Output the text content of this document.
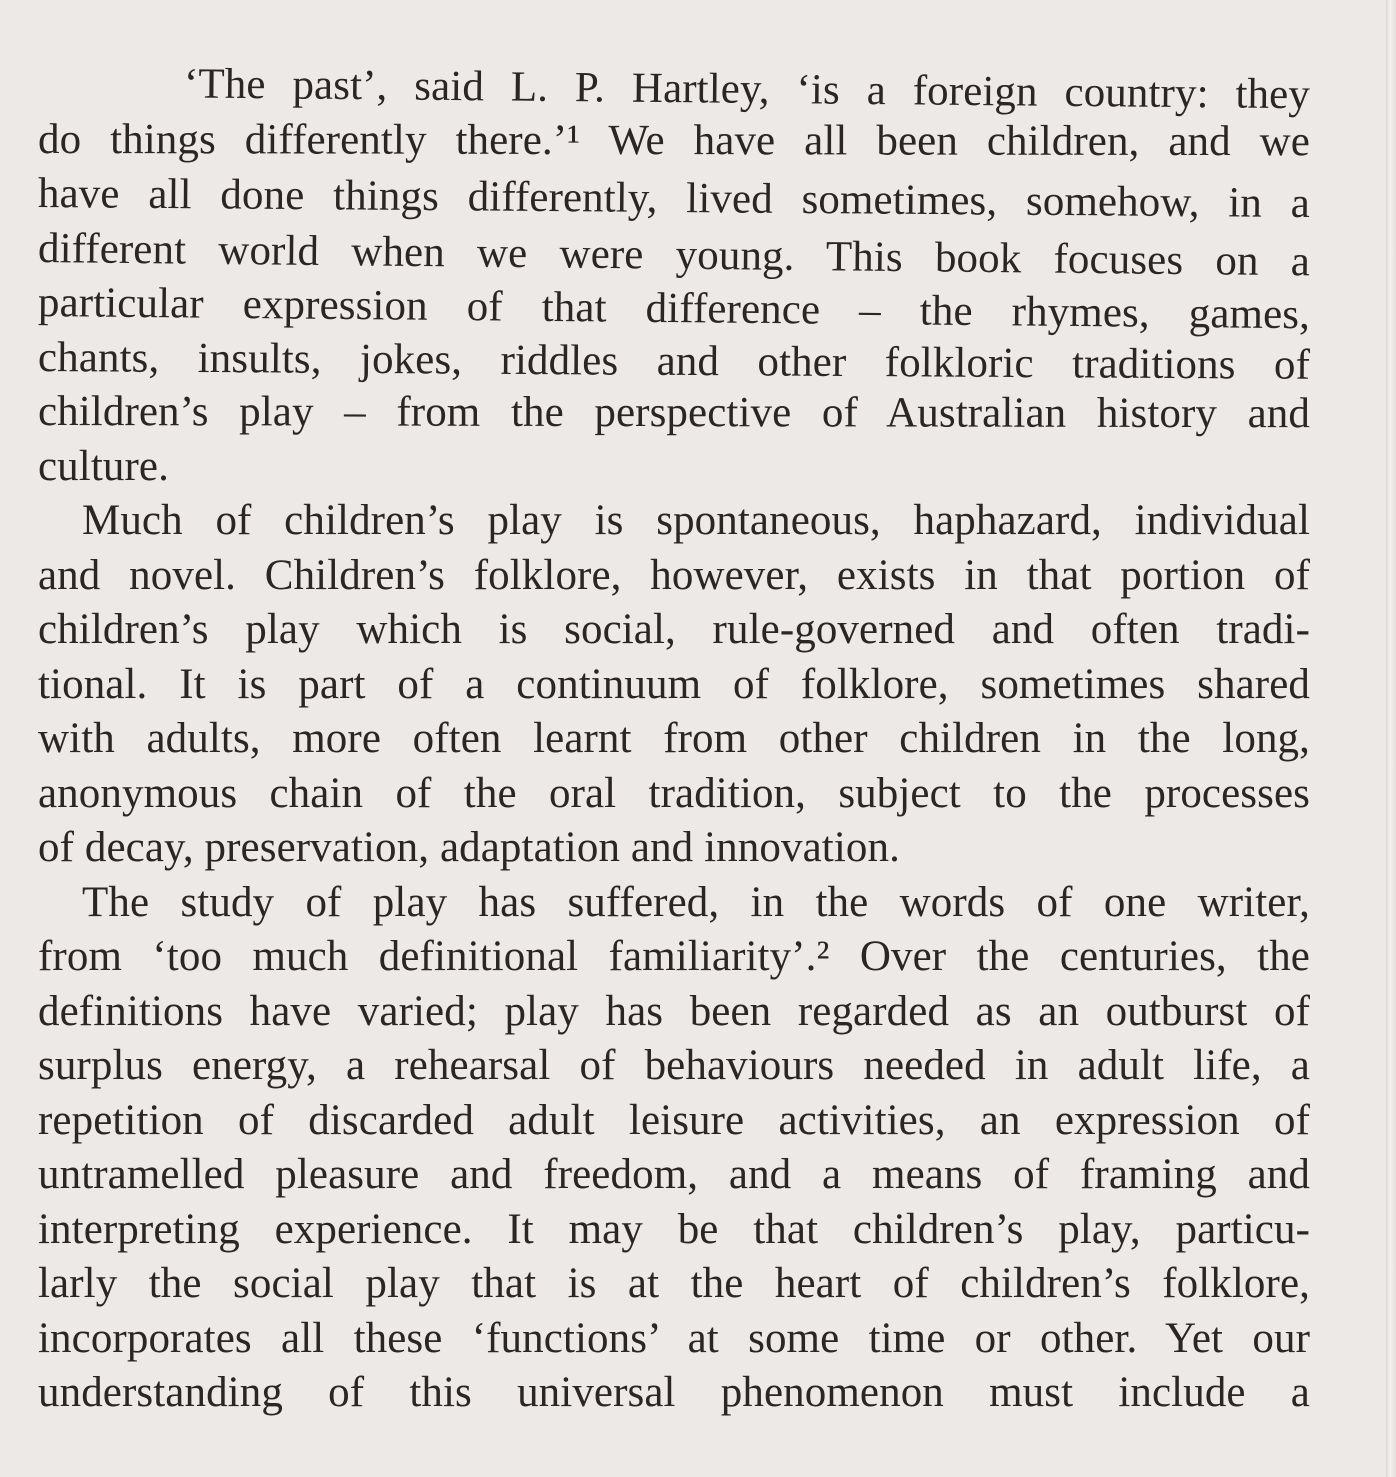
‘The past’, said L. P. Hartley, ‘is a foreign country: they
do things differently there.’¹ We have all been children, and we
have all done things differently, lived sometimes, somehow, in a
different world when we were young. This book focuses on a
particular expression of that difference – the rhymes, games,
chants, insults, jokes, riddles and other folkloric traditions of
children’s play – from the perspective of Australian history and
culture.
Much of children’s play is spontaneous, haphazard, individual
and novel. Children’s folklore, however, exists in that portion of
children’s play which is social, rule-governed and often tradi-
tional. It is part of a continuum of folklore, sometimes shared
with adults, more often learnt from other children in the long,
anonymous chain of the oral tradition, subject to the processes
of decay, preservation, adaptation and innovation.
The study of play has suffered, in the words of one writer,
from ‘too much definitional familiarity’.² Over the centuries, the
definitions have varied; play has been regarded as an outburst of
surplus energy, a rehearsal of behaviours needed in adult life, a
repetition of discarded adult leisure activities, an expression of
untramelled pleasure and freedom, and a means of framing and
interpreting experience. It may be that children’s play, particu-
larly the social play that is at the heart of children’s folklore,
incorporates all these ‘functions’ at some time or other. Yet our
understanding of this universal phenomenon must include a
